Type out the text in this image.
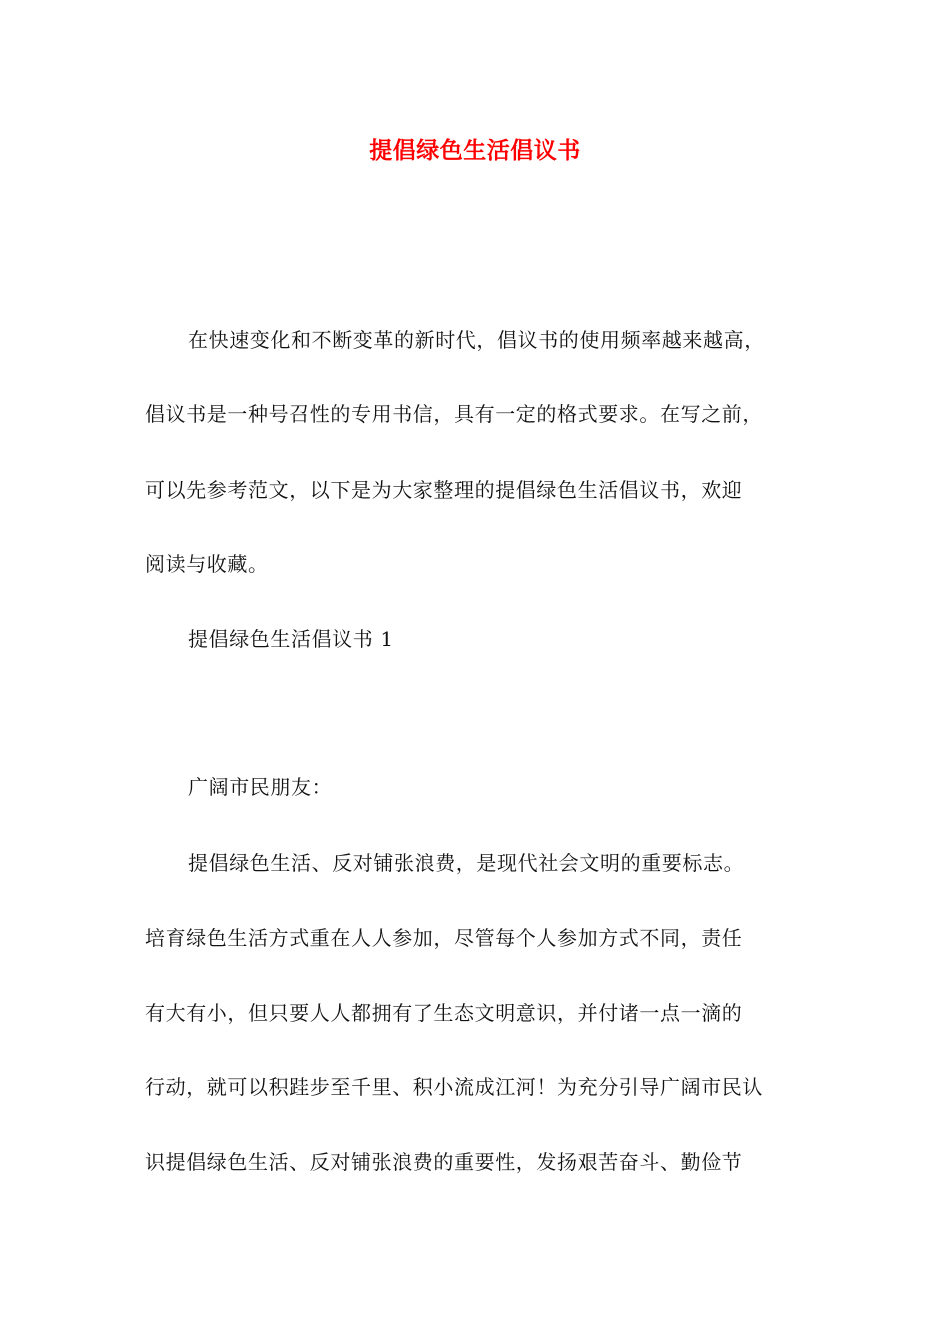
提倡绿色生活倡议书
在快速变化和不断变革的新时代，倡议书的使用频率越来越高，
倡议书是一种号召性的专用书信，具有一定的格式要求。在写之前，
可以先参考范文，以下是为大家整理的提倡绿色生活倡议书，欢迎
阅读与收藏。
提倡绿色生活倡议书 1
广阔市民朋友：
提倡绿色生活、反对铺张浪费，是现代社会文明的重要标志。
培育绿色生活方式重在人人参加，尽管每个人参加方式不同，责任
有大有小，但只要人人都拥有了生态文明意识，并付诸一点一滴的
行动，就可以积跬步至千里、积小流成江河！为充分引导广阔市民认
识提倡绿色生活、反对铺张浪费的重要性，发扬艰苦奋斗、勤俭节
